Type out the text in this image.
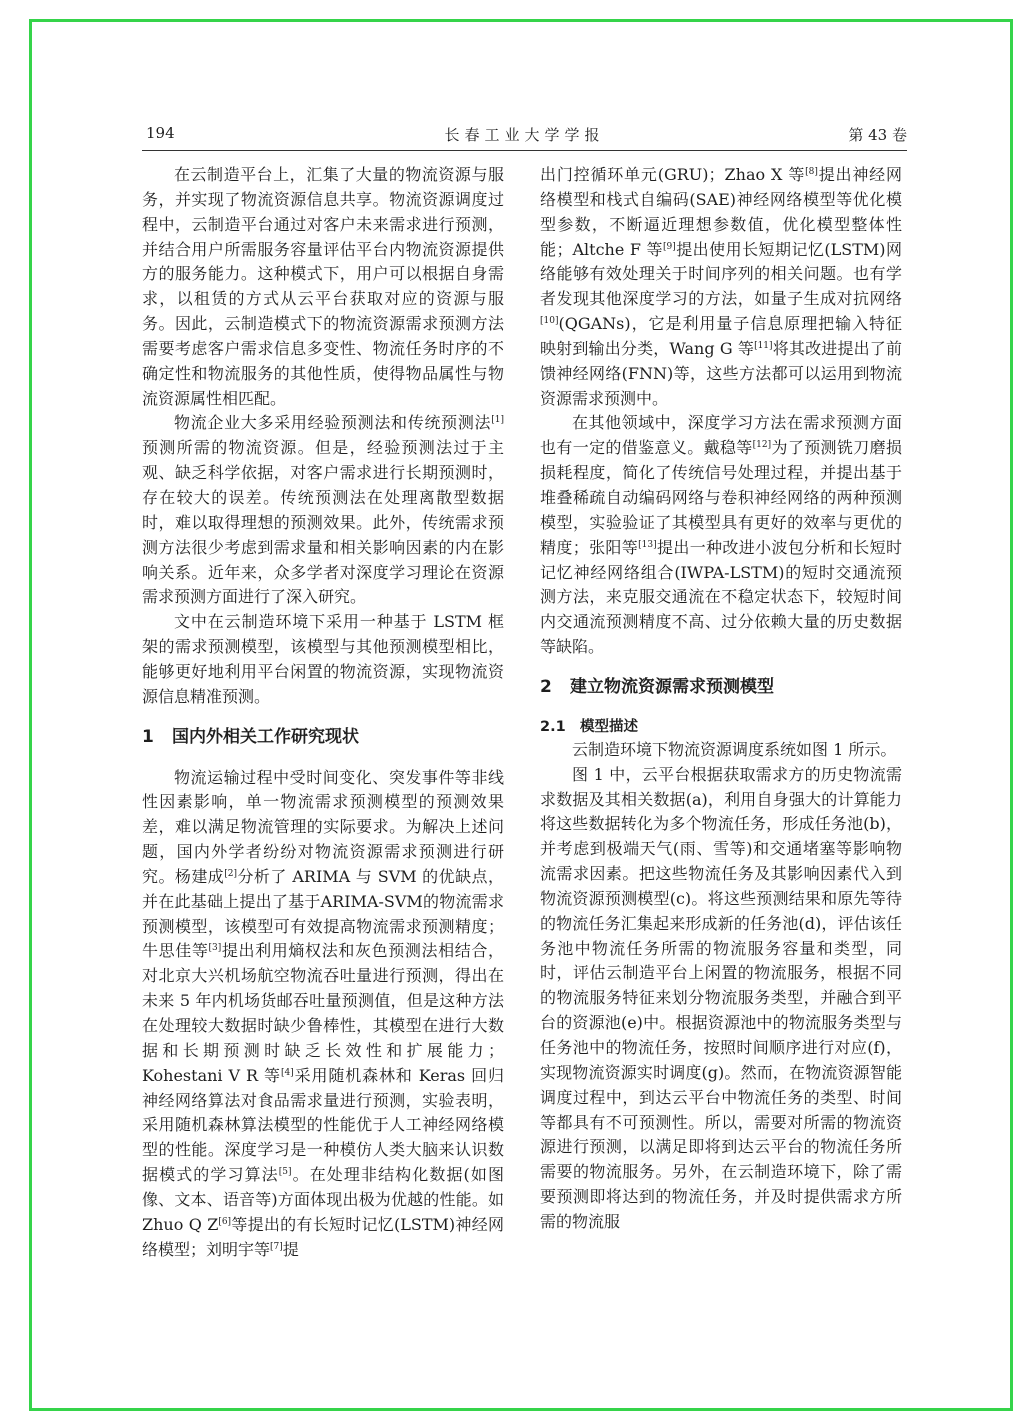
194	长春工业大学学报	第 43 卷

在云制造平台上，汇集了大量的物流资源与服务，并实现了物流资源信息共享。物流资源调度过程中，云制造平台通过对客户未来需求进行预测，并结合用户所需服务容量评估平台内物流资源提供方的服务能力。这种模式下，用户可以根据自身需求，以租赁的方式从云平台获取对应的资源与服务。因此，云制造模式下的物流资源需求预测方法需要考虑客户需求信息多变性、物流任务时序的不确定性和物流服务的其他性质，使得物品属性与物流资源属性相匹配。

物流企业大多采用经验预测法和传统预测法[1]预测所需的物流资源。但是，经验预测法过于主观、缺乏科学依据，对客户需求进行长期预测时，存在较大的误差。传统预测法在处理离散型数据时，难以取得理想的预测效果。此外，传统需求预测方法很少考虑到需求量和相关影响因素的内在影响关系。近年来，众多学者对深度学习理论在资源需求预测方面进行了深入研究。

文中在云制造环境下采用一种基于 LSTM 框架的需求预测模型，该模型与其他预测模型相比，能够更好地利用平台闲置的物流资源，实现物流资源信息精准预测。

1 国内外相关工作研究现状

物流运输过程中受时间变化、突发事件等非线性因素影响，单一物流需求预测模型的预测效果差，难以满足物流管理的实际要求。为解决上述问题，国内外学者纷纷对物流资源需求预测进行研究。杨建成[2]分析了 ARIMA 与 SVM 的优缺点，并在此基础上提出了基于ARIMA-SVM的物流需求预测模型，该模型可有效提高物流需求预测精度；牛思佳等[3]提出利用熵权法和灰色预测法相结合，对北京大兴机场航空物流吞吐量进行预测，得出在未来 5 年内机场货邮吞吐量预测值，但是这种方法在处理较大数据时缺少鲁棒性，其模型在进行大数据和长期预测时缺乏长效性和扩展能力；Kohestani V R 等[4]采用随机森林和 Keras 回归神经网络算法对食品需求量进行预测，实验表明，采用随机森林算法模型的性能优于人工神经网络模型的性能。深度学习是一种模仿人类大脑来认识数据模式的学习算法[5]。在处理非结构化数据(如图像、文本、语音等)方面体现出极为优越的性能。如 Zhuo Q Z[6]等提出的有长短时记忆(LSTM)神经网络模型；刘明宇等[7]提

出门控循环单元(GRU)；Zhao X 等[8]提出神经网络模型和栈式自编码(SAE)神经网络模型等优化模型参数，不断逼近理想参数值，优化模型整体性能；Altche F 等[9]提出使用长短期记忆(LSTM)网络能够有效处理关于时间序列的相关问题。也有学者发现其他深度学习的方法，如量子生成对抗网络[10](QGANs)，它是利用量子信息原理把输入特征映射到输出分类，Wang G 等[11]将其改进提出了前馈神经网络(FNN)等，这些方法都可以运用到物流资源需求预测中。

在其他领域中，深度学习方法在需求预测方面也有一定的借鉴意义。戴稳等[12]为了预测铣刀磨损损耗程度，简化了传统信号处理过程，并提出基于堆叠稀疏自动编码网络与卷积神经网络的两种预测模型，实验验证了其模型具有更好的效率与更优的精度；张阳等[13]提出一种改进小波包分析和长短时记忆神经网络组合(IWPA-LSTM)的短时交通流预测方法，来克服交通流在不稳定状态下，较短时间内交通流预测精度不高、过分依赖大量的历史数据等缺陷。

2 建立物流资源需求预测模型
2.1 模型描述

云制造环境下物流资源调度系统如图 1 所示。

图 1 中，云平台根据获取需求方的历史物流需求数据及其相关数据(a)，利用自身强大的计算能力将这些数据转化为多个物流任务，形成任务池(b)，并考虑到极端天气(雨、雪等)和交通堵塞等影响物流需求因素。把这些物流任务及其影响因素代入到物流资源预测模型(c)。将这些预测结果和原先等待的物流任务汇集起来形成新的任务池(d)，评估该任务池中物流任务所需的物流服务容量和类型，同时，评估云制造平台上闲置的物流服务，根据不同的物流服务特征来划分物流服务类型，并融合到平台的资源池(e)中。根据资源池中的物流服务类型与任务池中的物流任务，按照时间顺序进行对应(f)，实现物流资源实时调度(g)。然而，在物流资源智能调度过程中，到达云平台中物流任务的类型、时间等都具有不可预测性。所以，需要对所需的物流资源进行预测，以满足即将到达云平台的物流任务所需要的物流服务。另外，在云制造环境下，除了需要预测即将达到的物流任务，并及时提供需求方所需的物流服
